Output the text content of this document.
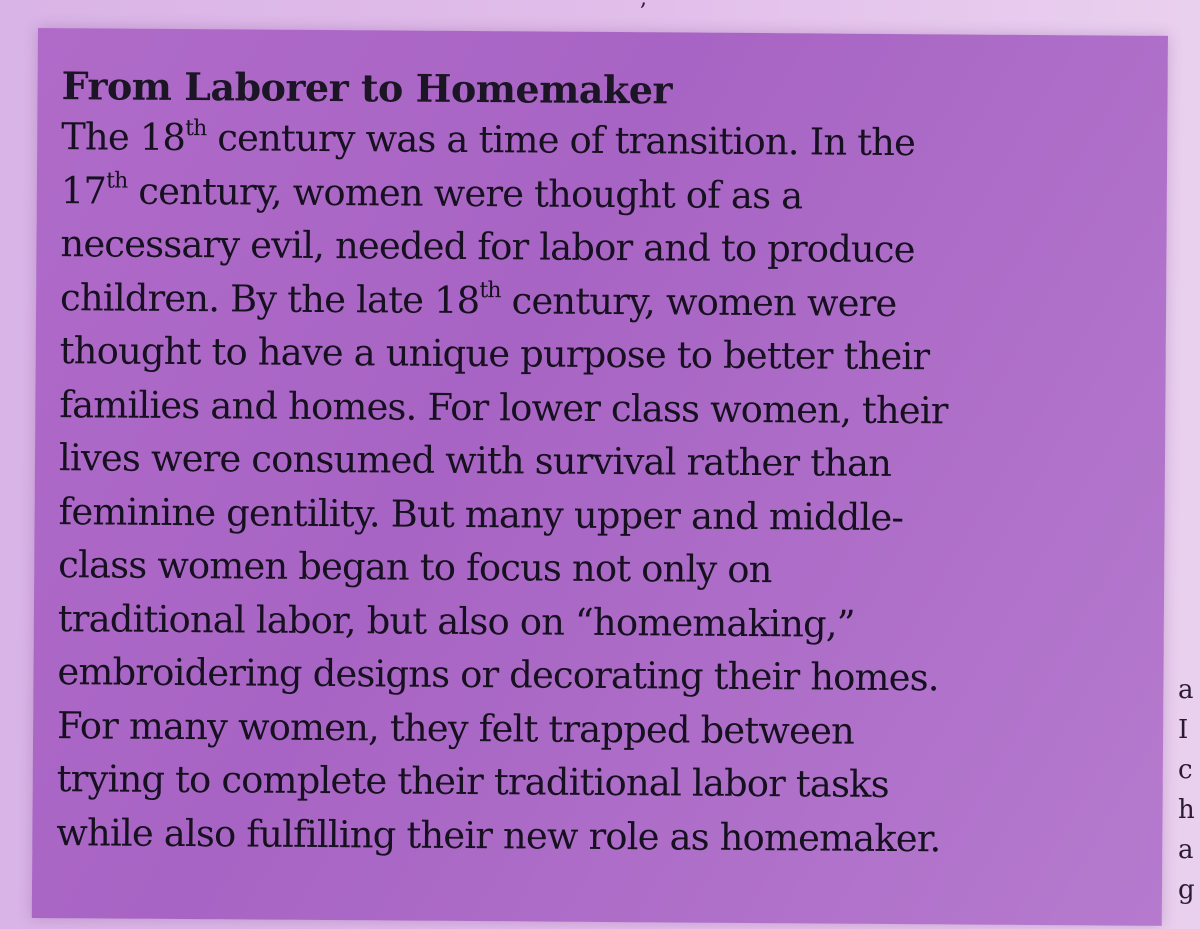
From Laborer to Homemaker
The 18th century was a time of transition. In the
17th century, women were thought of as a
necessary evil, needed for labor and to produce
children. By the late 18th century, women were
thought to have a unique purpose to better their
families and homes. For lower class women, their
lives were consumed with survival rather than
feminine gentility. But many upper and middle-
class women began to focus not only on
traditional labor, but also on “homemaking,”
embroidering designs or decorating their homes.
For many women, they felt trapped between
trying to complete their traditional labor tasks
while also fulfilling their new role as homemaker.
a
I
c
h
a
g
